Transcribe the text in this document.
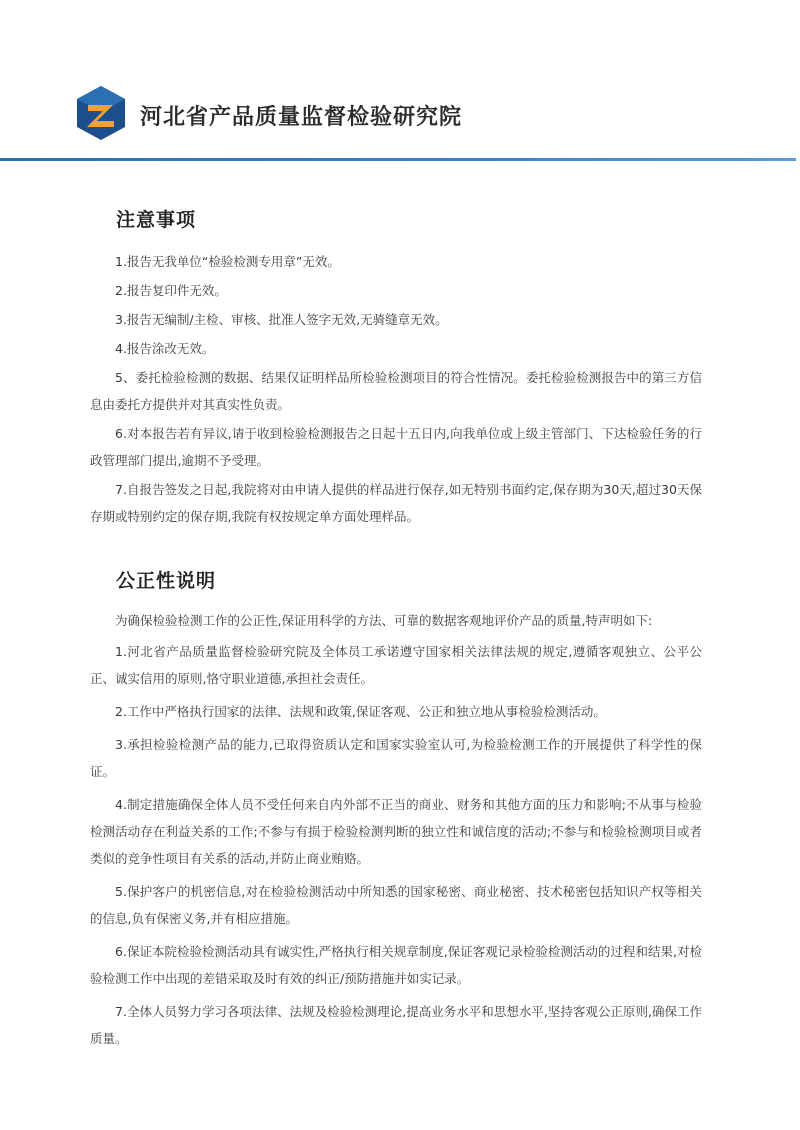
河北省产品质量监督检验研究院
注意事项

1.报告无我单位“检验检测专用章”无效。

2.报告复印件无效。

3.报告无编制/主检、审核、批准人签字无效,无骑缝章无效。

4.报告涂改无效。

5、委托检验检测的数据、结果仅证明样品所检验检测项目的符合性情况。委托检验检测报告中的第三方信息由委托方提供并对其真实性负责。

6.对本报告若有异议,请于收到检验检测报告之日起十五日内,向我单位或上级主管部门、下达检验任务的行政管理部门提出,逾期不予受理。

7.自报告签发之日起,我院将对由申请人提供的样品进行保存,如无特别书面约定,保存期为30天,超过30天保存期或特别约定的保存期,我院有权按规定单方面处理样品。

公正性说明

为确保检验检测工作的公正性,保证用科学的方法、可靠的数据客观地评价产品的质量,特声明如下:

1.河北省产品质量监督检验研究院及全体员工承诺遵守国家相关法律法规的规定,遵循客观独立、公平公正、诚实信用的原则,恪守职业道德,承担社会责任。

2.工作中严格执行国家的法律、法规和政策,保证客观、公正和独立地从事检验检测活动。

3.承担检验检测产品的能力,已取得资质认定和国家实验室认可,为检验检测工作的开展提供了科学性的保证。

4.制定措施确保全体人员不受任何来自内外部不正当的商业、财务和其他方面的压力和影响;不从事与检验检测活动存在利益关系的工作;不参与有损于检验检测判断的独立性和诚信度的活动;不参与和检验检测项目或者类似的竞争性项目有关系的活动,并防止商业贿赂。

5.保护客户的机密信息,对在检验检测活动中所知悉的国家秘密、商业秘密、技术秘密包括知识产权等相关的信息,负有保密义务,并有相应措施。

6.保证本院检验检测活动具有诚实性,严格执行相关规章制度,保证客观记录检验检测活动的过程和结果,对检验检测工作中出现的差错采取及时有效的纠正/预防措施并如实记录。

7.全体人员努力学习各项法律、法规及检验检测理论,提高业务水平和思想水平,坚持客观公正原则,确保工作质量。
